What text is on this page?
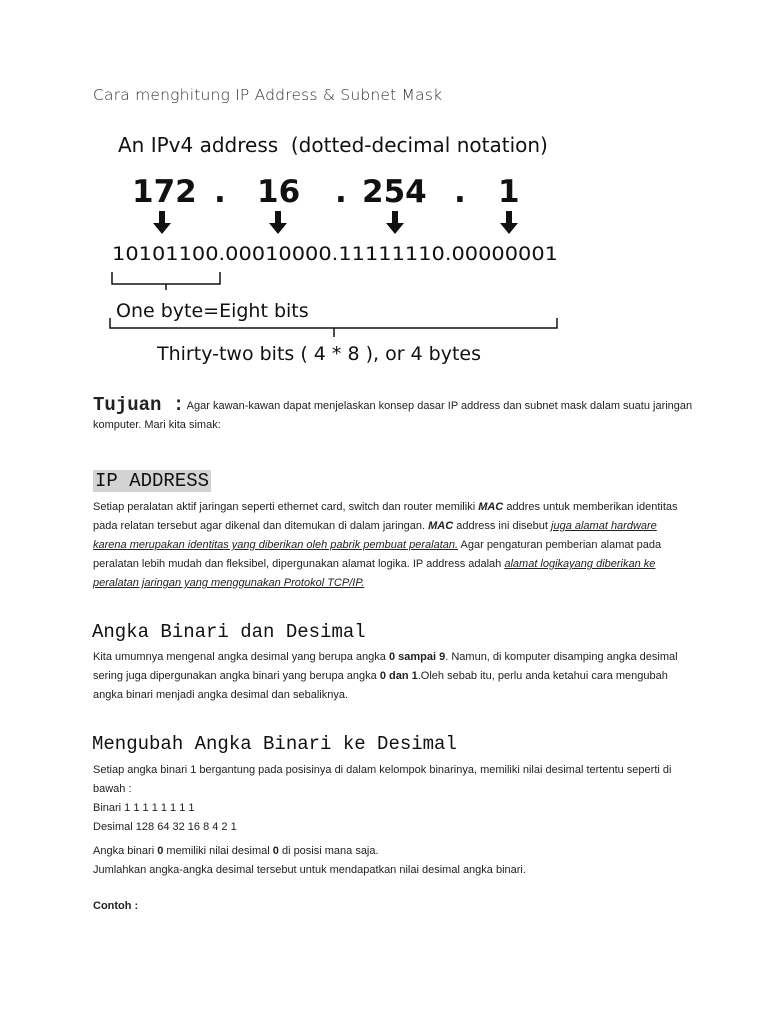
Cara menghitung IP Address & Subnet Mask
An IPv4 address  (dotted-decimal notation)
172 . 16 . 254 . 1
10101100.00010000.11111110.00000001
One byte=Eight bits
Thirty-two bits ( 4 * 8 ), or 4 bytes
Tujuan : Agar kawan-kawan dapat menjelaskan konsep dasar IP address dan subnet mask dalam suatu jaringan komputer. Mari kita simak:
IP ADDRESS
Setiap peralatan aktif jaringan seperti ethernet card, switch dan router memiliki MAC addres untuk memberikan identitas pada relatan tersebut agar dikenal dan ditemukan di dalam jaringan. MAC address ini disebut juga alamat hardware karena merupakan identitas yang diberikan oleh pabrik pembuat peralatan. Agar pengaturan pemberian alamat pada peralatan lebih mudah dan fleksibel, dipergunakan alamat logika. IP address adalah alamat logikayang diberikan ke peralatan jaringan yang menggunakan Protokol TCP/IP.
Angka Binari dan Desimal
Kita umumnya mengenal angka desimal yang berupa angka 0 sampai 9. Namun, di komputer disamping angka desimal sering juga dipergunakan angka binari yang berupa angka 0 dan 1.Oleh sebab itu, perlu anda ketahui cara mengubah angka binari menjadi angka desimal dan sebaliknya.
Mengubah Angka Binari ke Desimal
Setiap angka binari 1 bergantung pada posisinya di dalam kelompok binarinya, memiliki nilai desimal tertentu seperti di bawah :
Binari 1 1 1 1 1 1 1 1
Desimal 128 64 32 16 8 4 2 1
Angka binari 0 memiliki nilai desimal 0 di posisi mana saja.
Jumlahkan angka-angka desimal tersebut untuk mendapatkan nilai desimal angka binari.
Contoh :
